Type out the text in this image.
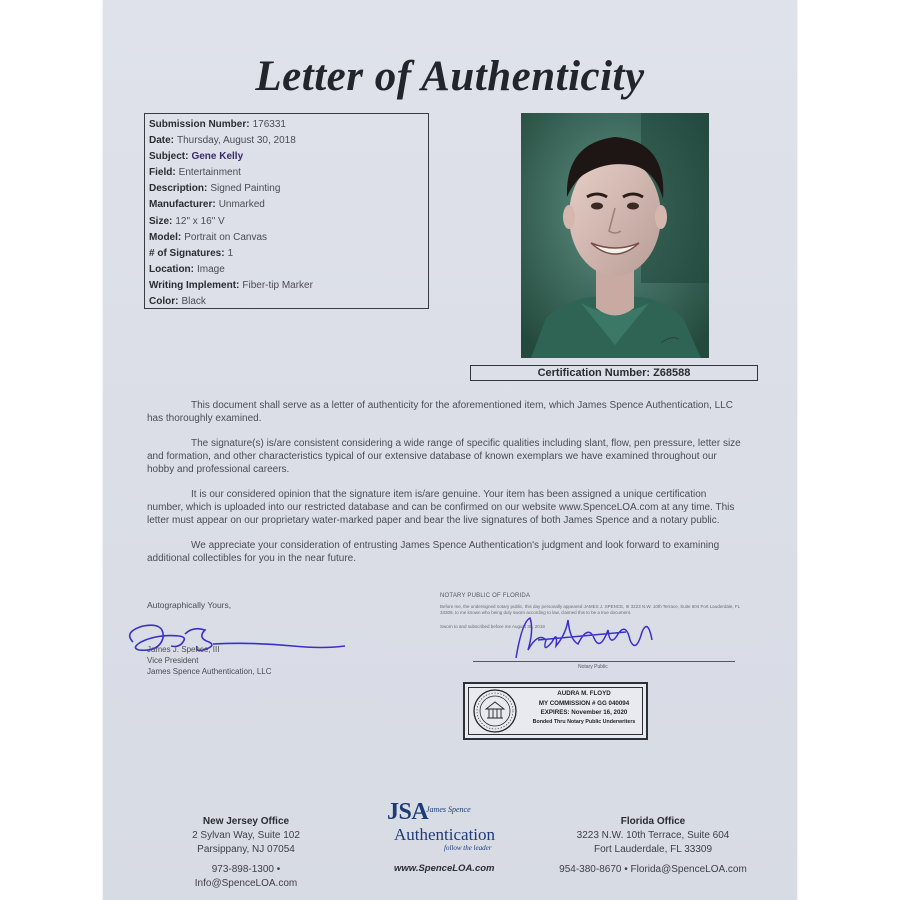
Letter of Authenticity
Submission Number: 176331
Date: Thursday, August 30, 2018
Subject: Gene Kelly
Field: Entertainment
Description: Signed Painting
Manufacturer: Unmarked
Size: 12" x 16" V
Model: Portrait on Canvas
# of Signatures: 1
Location: Image
Writing Implement: Fiber-tip Marker
Color: Black
Certification Number: Z68588

This document shall serve as a letter of authenticity for the aforementioned item, which James Spence Authentication, LLC has thoroughly examined.

The signature(s) is/are consistent considering a wide range of specific qualities including slant, flow, pen pressure, letter size and formation, and other characteristics typical of our extensive database of known exemplars we have examined throughout our hobby and professional careers.

It is our considered opinion that the signature item is/are genuine. Your item has been assigned a unique certification number, which is uploaded into our restricted database and can be confirmed on our website www.SpenceLOA.com at any time. This letter must appear on our proprietary water-marked paper and bear the live signatures of both James Spence and a notary public.

We appreciate your consideration of entrusting James Spence Authentication's judgment and look forward to examining additional collectibles for you in the near future.

Autographically Yours,
James J. Spence, III
Vice President
James Spence Authentication, LLC
NOTARY PUBLIC OF FLORIDA
Before me, the undersigned notary public, this day personally appeared JAMES J. SPENCE, III 3223 N.W. 10th Terrace, Suite 604 Fort Lauderdale, FL 33309, to me known who being duly sworn according to law, claimed this to be a true document.
Sworn to and subscribed before me August 30, 2018
Notary Public
AUDRA M. FLOYD
MY COMMISSION # GG 040094
EXPIRES: November 16, 2020
Bonded Thru Notary Public Underwriters
New Jersey Office
2 Sylvan Way, Suite 102
Parsippany, NJ 07054
973-898-1300 • Info@SpenceLOA.com
JSA
James Spence
Authentication
follow the leader
www.SpenceLOA.com
Florida Office
3223 N.W. 10th Terrace, Suite 604
Fort Lauderdale, FL 33309
954-380-8670 • Florida@SpenceLOA.com
